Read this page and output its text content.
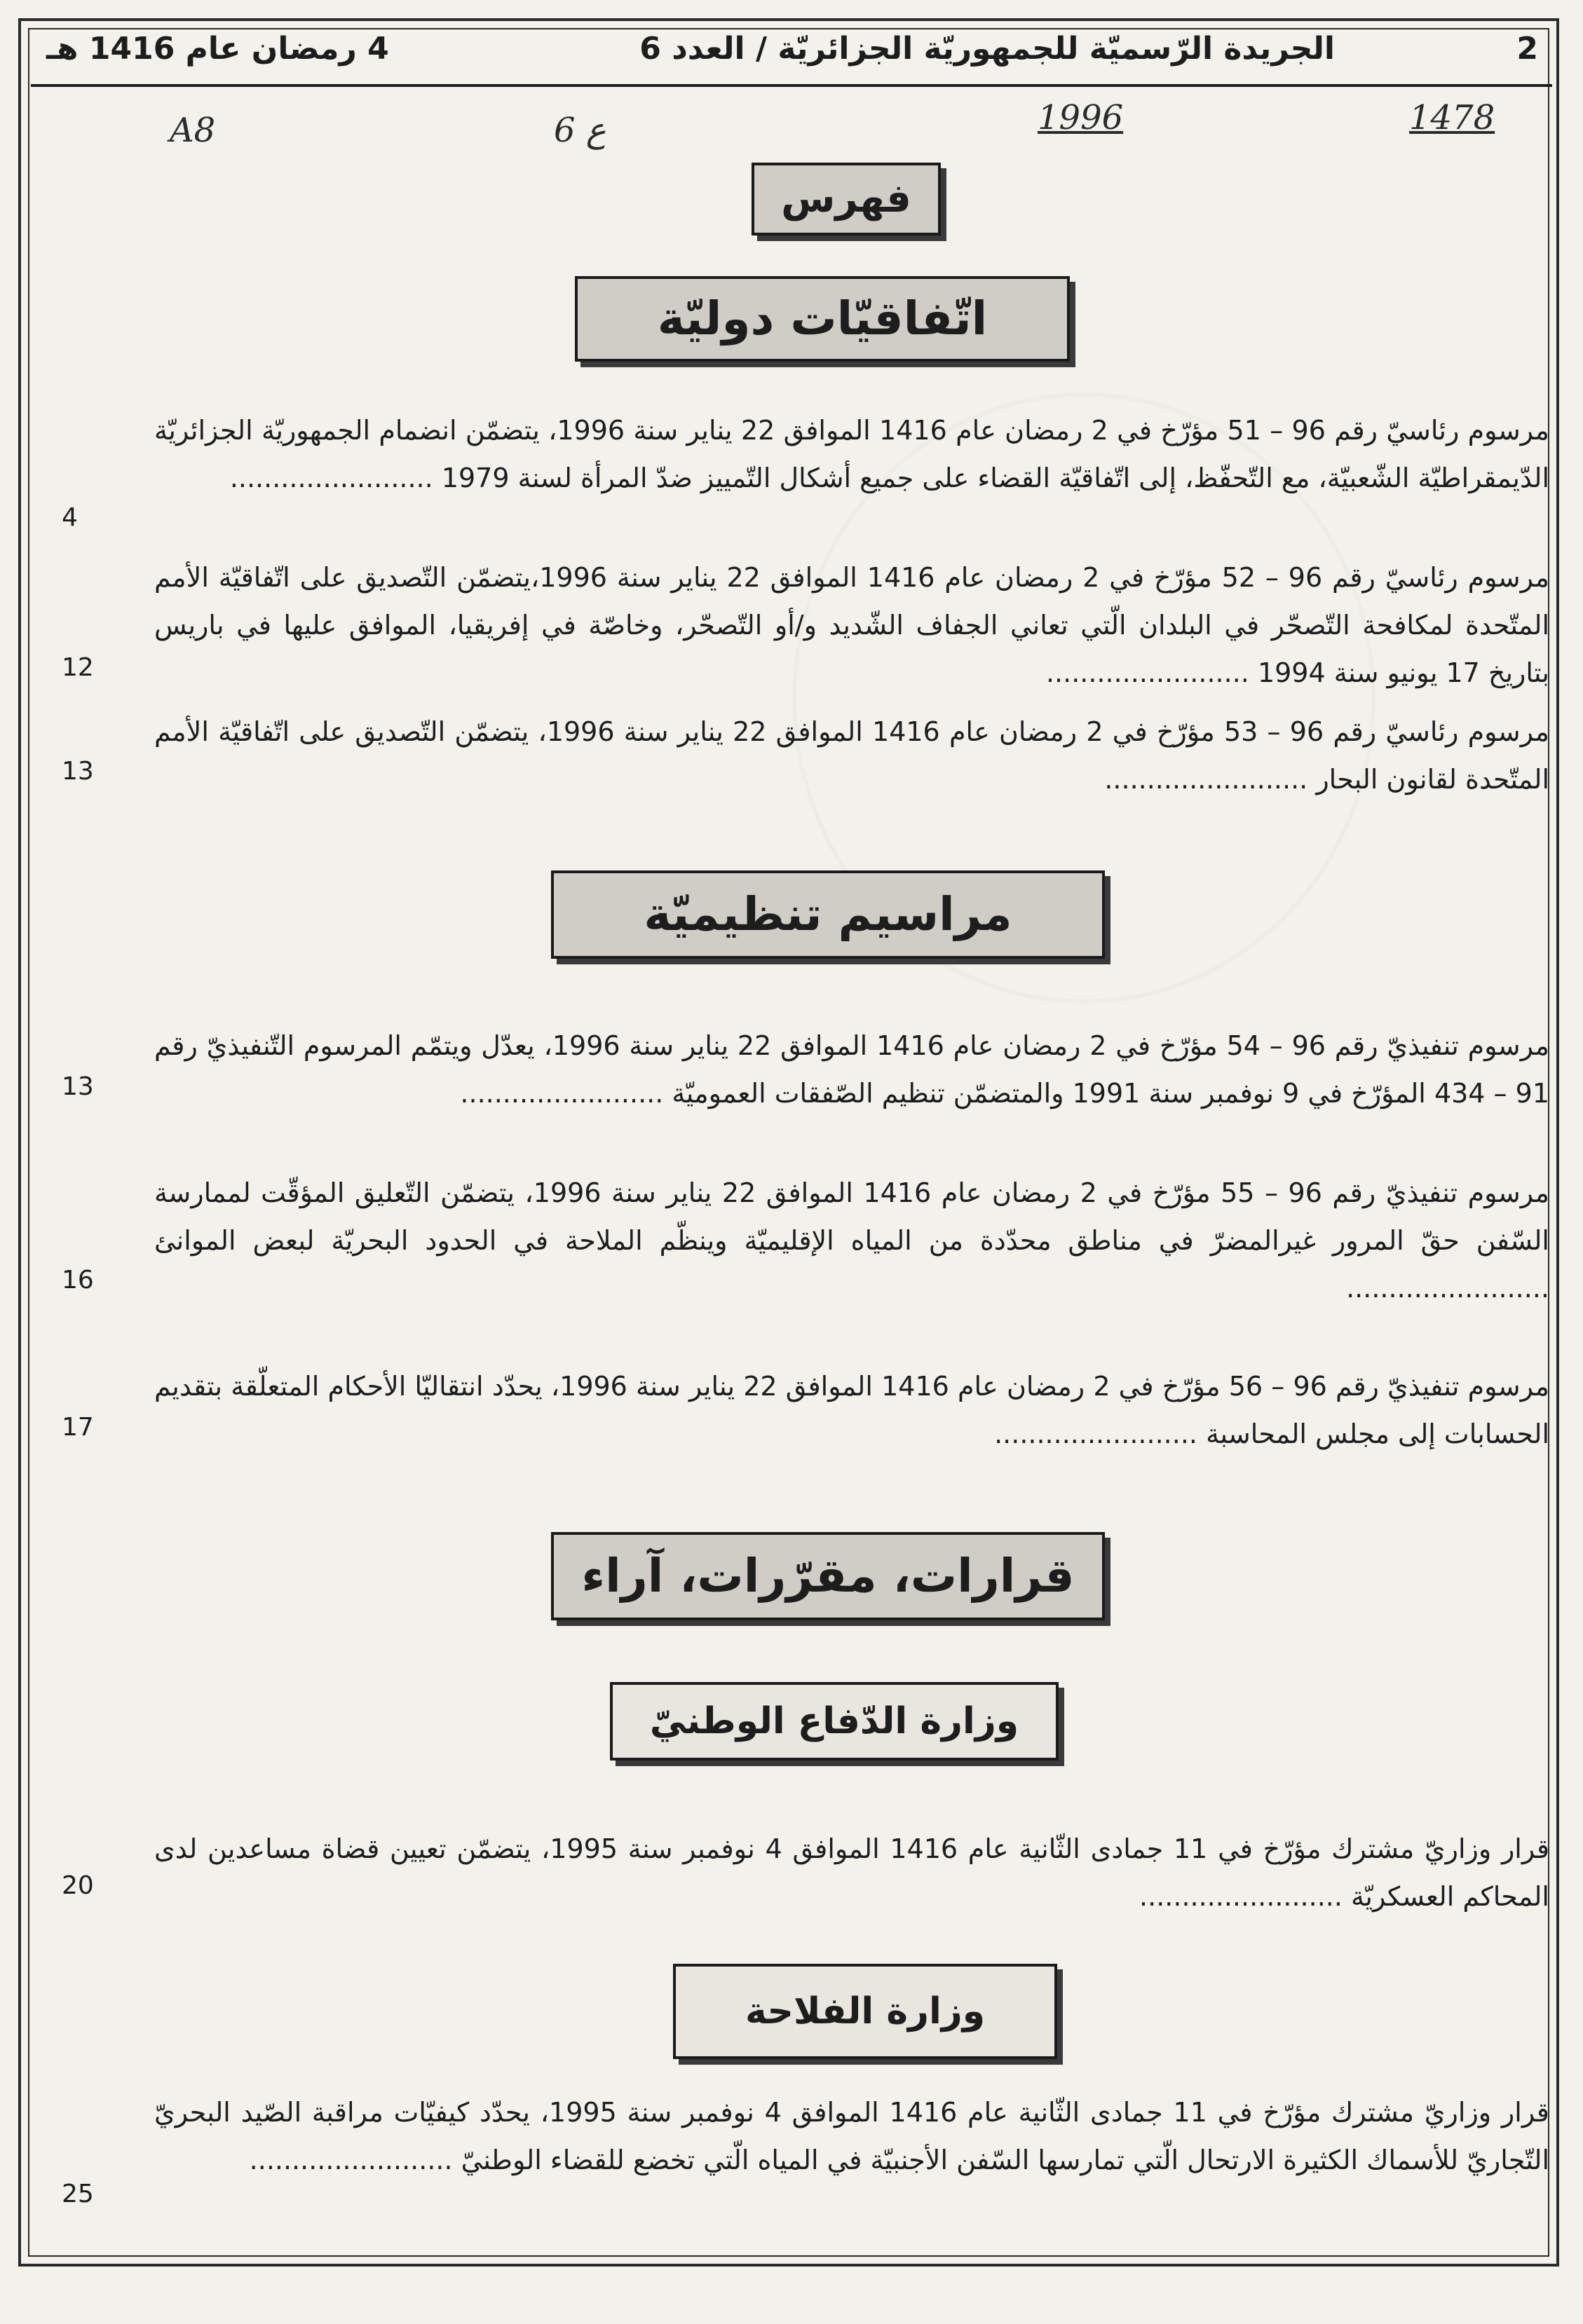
2
الجريدة الرّسميّة للجمهوريّة الجزائريّة / العدد 6
4 رمضان عام 1416 هـ
A8	6 ع	1996	1478
فهرس
اتّفاقيّات دوليّة
مرسوم رئاسيّ رقم 96 – 51 مؤرّخ في 2 رمضان عام 1416 الموافق 22 يناير سنة 1996، يتضمّن انضمام الجمهوريّة الجزائريّة الدّيمقراطيّة الشّعبيّة، مع التّحفّظ، إلى اتّفاقيّة القضاء على جميع أشكال التّمييز ضدّ المرأة لسنة 1979 ........................
4
مرسوم رئاسيّ رقم 96 – 52 مؤرّخ في 2 رمضان عام 1416 الموافق 22 يناير سنة 1996،يتضمّن التّصديق على اتّفاقيّة الأمم المتّحدة لمكافحة التّصحّر في البلدان الّتي تعاني الجفاف الشّديد و/أو التّصحّر، وخاصّة في إفريقيا، الموافق عليها في باريس بتاريخ 17 يونيو سنة 1994 ........................
12
مرسوم رئاسيّ رقم 96 – 53 مؤرّخ في 2 رمضان عام 1416 الموافق 22 يناير سنة 1996، يتضمّن التّصديق على اتّفاقيّة الأمم المتّحدة لقانون البحار ........................
13
مراسيم تنظيميّة
مرسوم تنفيذيّ رقم 96 – 54 مؤرّخ في 2 رمضان عام 1416 الموافق 22 يناير سنة 1996، يعدّل ويتمّم المرسوم التّنفيذيّ رقم 91 – 434 المؤرّخ في 9 نوفمبر سنة 1991 والمتضمّن تنظيم الصّفقات العموميّة ........................
13
مرسوم تنفيذيّ رقم 96 – 55 مؤرّخ في 2 رمضان عام 1416 الموافق 22 يناير سنة 1996، يتضمّن التّعليق المؤقّت لممارسة السّفن حقّ المرور غيرالمضرّ في مناطق محدّدة من المياه الإقليميّة وينظّم الملاحة في الحدود البحريّة لبعض الموانئ ........................
16
مرسوم تنفيذيّ رقم 96 – 56 مؤرّخ في 2 رمضان عام 1416 الموافق 22 يناير سنة 1996، يحدّد انتقاليّا الأحكام المتعلّقة بتقديم الحسابات إلى مجلس المحاسبة ........................
17
قرارات، مقرّرات، آراء
وزارة الدّفاع الوطنيّ
قرار وزاريّ مشترك مؤرّخ في 11 جمادى الثّانية عام 1416 الموافق 4 نوفمبر سنة 1995، يتضمّن تعيين قضاة مساعدين لدى المحاكم العسكريّة ........................
20
وزارة الفلاحة
قرار وزاريّ مشترك مؤرّخ في 11 جمادى الثّانية عام 1416 الموافق 4 نوفمبر سنة 1995، يحدّد كيفيّات مراقبة الصّيد البحريّ التّجاريّ للأسماك الكثيرة الارتحال الّتي تمارسها السّفن الأجنبيّة في المياه الّتي تخضع للقضاء الوطنيّ ........................
25
